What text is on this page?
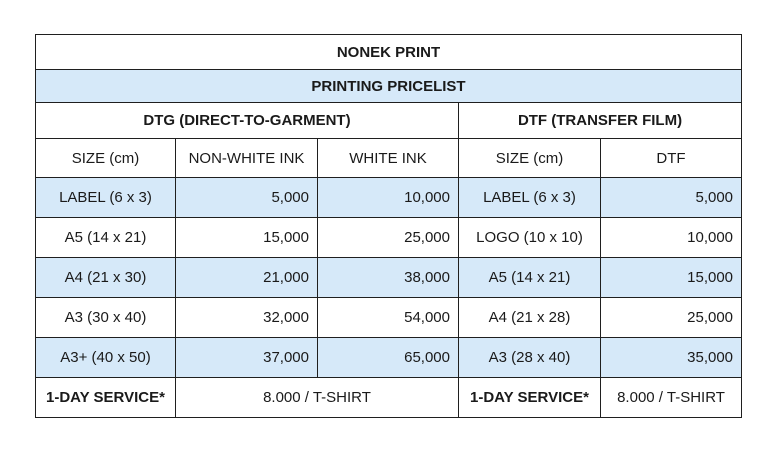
NONEK PRINT				
PRINTING PRICELIST				
DTG (DIRECT-TO-GARMENT)			DTF (TRANSFER FILM)	
SIZE (cm)	NON-WHITE INK	WHITE INK	SIZE (cm)	DTF
LABEL (6 x 3)	5,000	10,000	LABEL (6 x 3)	5,000
A5 (14 x 21)	15,000	25,000	LOGO (10 x 10)	10,000
A4 (21 x 30)	21,000	38,000	A5 (14 x 21)	15,000
A3 (30 x 40)	32,000	54,000	A4 (21 x 28)	25,000
A3+ (40 x 50)	37,000	65,000	A3 (28 x 40)	35,000
1-DAY SERVICE*	8.000 / T-SHIRT		1-DAY SERVICE*	8.000 / T-SHIRT
